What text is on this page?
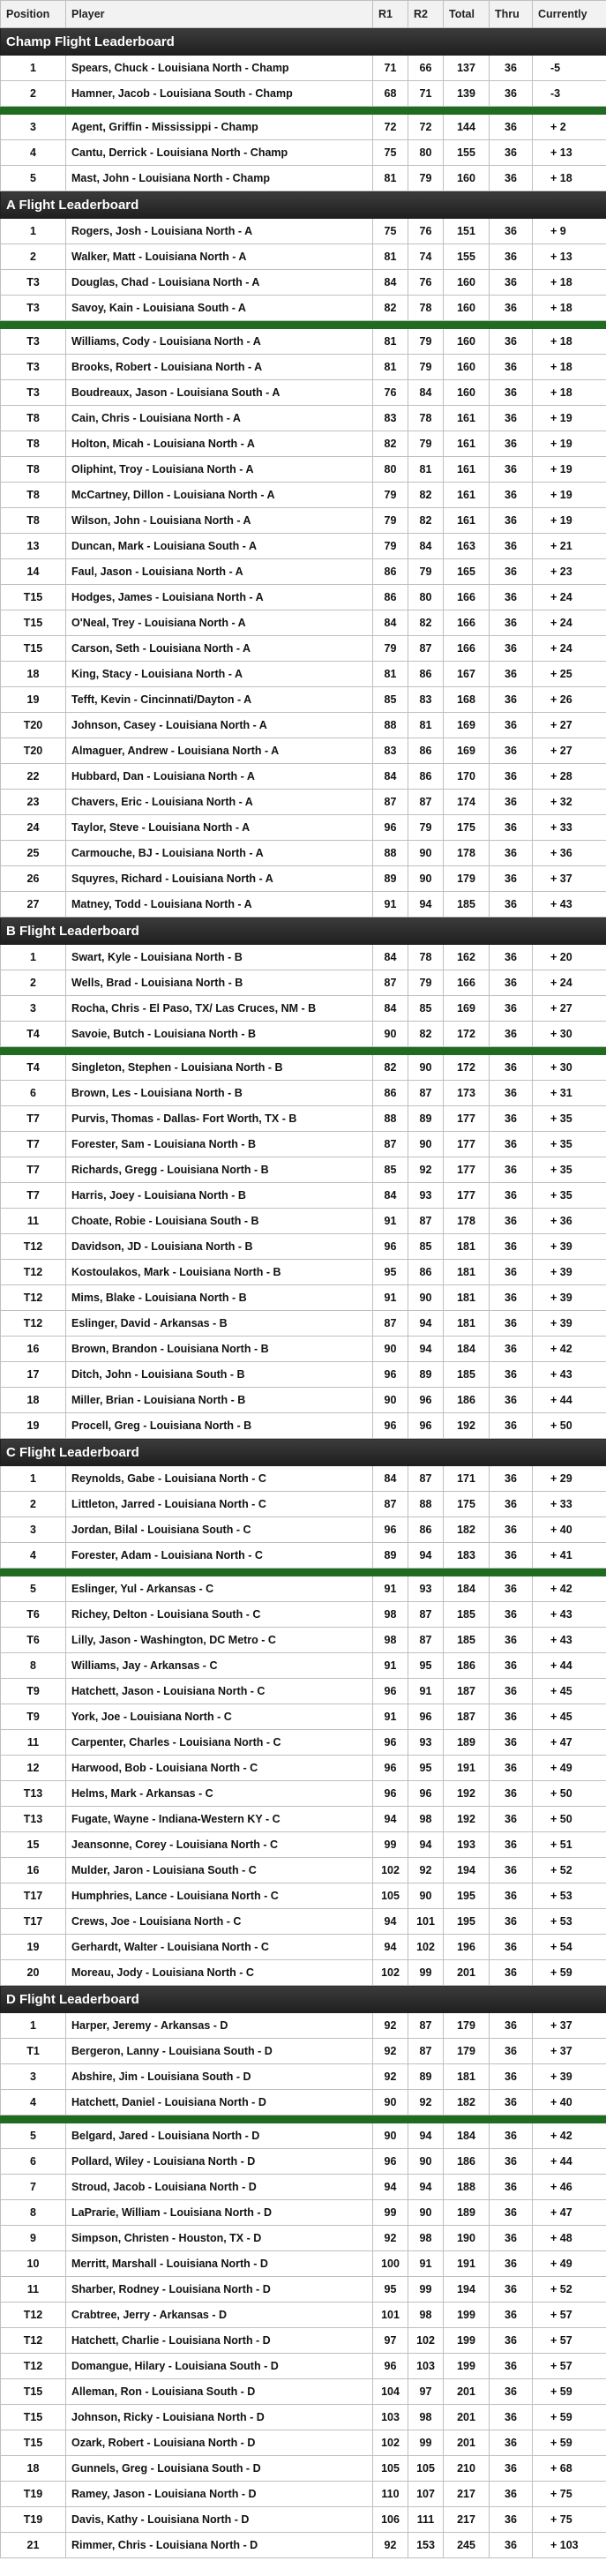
Position	Player	R1	R2	Total	Thru	Currently
Champ Flight Leaderboard						
1	Spears, Chuck - Louisiana North - Champ	71	66	137	36	-5
2	Hamner, Jacob - Louisiana South - Champ	68	71	139	36	-3

3	Agent, Griffin - Mississippi - Champ	72	72	144	36	+ 2
4	Cantu, Derrick - Louisiana North - Champ	75	80	155	36	+ 13
5	Mast, John - Louisiana North - Champ	81	79	160	36	+ 18
A Flight Leaderboard						
1	Rogers, Josh - Louisiana North - A	75	76	151	36	+ 9
2	Walker, Matt - Louisiana North - A	81	74	155	36	+ 13
T3	Douglas, Chad - Louisiana North - A	84	76	160	36	+ 18
T3	Savoy, Kain - Louisiana South - A	82	78	160	36	+ 18

T3	Williams, Cody - Louisiana North - A	81	79	160	36	+ 18
T3	Brooks, Robert - Louisiana North - A	81	79	160	36	+ 18
T3	Boudreaux, Jason - Louisiana South - A	76	84	160	36	+ 18
T8	Cain, Chris - Louisiana North - A	83	78	161	36	+ 19
T8	Holton, Micah - Louisiana North - A	82	79	161	36	+ 19
T8	Oliphint, Troy - Louisiana North - A	80	81	161	36	+ 19
T8	McCartney, Dillon - Louisiana North - A	79	82	161	36	+ 19
T8	Wilson, John - Louisiana North - A	79	82	161	36	+ 19
13	Duncan, Mark - Louisiana South - A	79	84	163	36	+ 21
14	Faul, Jason - Louisiana North - A	86	79	165	36	+ 23
T15	Hodges, James - Louisiana North - A	86	80	166	36	+ 24
T15	O'Neal, Trey - Louisiana North - A	84	82	166	36	+ 24
T15	Carson, Seth - Louisiana North - A	79	87	166	36	+ 24
18	King, Stacy - Louisiana North - A	81	86	167	36	+ 25
19	Tefft, Kevin - Cincinnati/Dayton - A	85	83	168	36	+ 26
T20	Johnson, Casey - Louisiana North - A	88	81	169	36	+ 27
T20	Almaguer, Andrew - Louisiana North - A	83	86	169	36	+ 27
22	Hubbard, Dan - Louisiana North - A	84	86	170	36	+ 28
23	Chavers, Eric - Louisiana North - A	87	87	174	36	+ 32
24	Taylor, Steve - Louisiana North - A	96	79	175	36	+ 33
25	Carmouche, BJ - Louisiana North - A	88	90	178	36	+ 36
26	Squyres, Richard - Louisiana North - A	89	90	179	36	+ 37
27	Matney, Todd - Louisiana North - A	91	94	185	36	+ 43
B Flight Leaderboard						
1	Swart, Kyle - Louisiana North - B	84	78	162	36	+ 20
2	Wells, Brad - Louisiana North - B	87	79	166	36	+ 24
3	Rocha, Chris - El Paso, TX/ Las Cruces, NM - B	84	85	169	36	+ 27
T4	Savoie, Butch - Louisiana North - B	90	82	172	36	+ 30

T4	Singleton, Stephen - Louisiana North - B	82	90	172	36	+ 30
6	Brown, Les - Louisiana North - B	86	87	173	36	+ 31
T7	Purvis, Thomas - Dallas- Fort Worth, TX - B	88	89	177	36	+ 35
T7	Forester, Sam - Louisiana North - B	87	90	177	36	+ 35
T7	Richards, Gregg - Louisiana North - B	85	92	177	36	+ 35
T7	Harris, Joey - Louisiana North - B	84	93	177	36	+ 35
11	Choate, Robie - Louisiana South - B	91	87	178	36	+ 36
T12	Davidson, JD - Louisiana North - B	96	85	181	36	+ 39
T12	Kostoulakos, Mark - Louisiana North - B	95	86	181	36	+ 39
T12	Mims, Blake - Louisiana North - B	91	90	181	36	+ 39
T12	Eslinger, David - Arkansas - B	87	94	181	36	+ 39
16	Brown, Brandon - Louisiana North - B	90	94	184	36	+ 42
17	Ditch, John - Louisiana South - B	96	89	185	36	+ 43
18	Miller, Brian - Louisiana North - B	90	96	186	36	+ 44
19	Procell, Greg - Louisiana North - B	96	96	192	36	+ 50
C Flight Leaderboard						
1	Reynolds, Gabe - Louisiana North - C	84	87	171	36	+ 29
2	Littleton, Jarred - Louisiana North - C	87	88	175	36	+ 33
3	Jordan, Bilal - Louisiana South - C	96	86	182	36	+ 40
4	Forester, Adam - Louisiana North - C	89	94	183	36	+ 41

5	Eslinger, Yul - Arkansas - C	91	93	184	36	+ 42
T6	Richey, Delton - Louisiana South - C	98	87	185	36	+ 43
T6	Lilly, Jason - Washington, DC Metro - C	98	87	185	36	+ 43
8	Williams, Jay - Arkansas - C	91	95	186	36	+ 44
T9	Hatchett, Jason - Louisiana North - C	96	91	187	36	+ 45
T9	York, Joe - Louisiana North - C	91	96	187	36	+ 45
11	Carpenter, Charles - Louisiana North - C	96	93	189	36	+ 47
12	Harwood, Bob - Louisiana North - C	96	95	191	36	+ 49
T13	Helms, Mark - Arkansas - C	96	96	192	36	+ 50
T13	Fugate, Wayne - Indiana-Western KY - C	94	98	192	36	+ 50
15	Jeansonne, Corey - Louisiana North - C	99	94	193	36	+ 51
16	Mulder, Jaron - Louisiana South - C	102	92	194	36	+ 52
T17	Humphries, Lance - Louisiana North - C	105	90	195	36	+ 53
T17	Crews, Joe - Louisiana North - C	94	101	195	36	+ 53
19	Gerhardt, Walter - Louisiana North - C	94	102	196	36	+ 54
20	Moreau, Jody - Louisiana North - C	102	99	201	36	+ 59
D Flight Leaderboard						
1	Harper, Jeremy - Arkansas - D	92	87	179	36	+ 37
T1	Bergeron, Lanny - Louisiana South - D	92	87	179	36	+ 37
3	Abshire, Jim - Louisiana South - D	92	89	181	36	+ 39
4	Hatchett, Daniel - Louisiana North - D	90	92	182	36	+ 40

5	Belgard, Jared - Louisiana North - D	90	94	184	36	+ 42
6	Pollard, Wiley - Louisiana North - D	96	90	186	36	+ 44
7	Stroud, Jacob - Louisiana North - D	94	94	188	36	+ 46
8	LaPrarie, William - Louisiana North - D	99	90	189	36	+ 47
9	Simpson, Christen - Houston, TX - D	92	98	190	36	+ 48
10	Merritt, Marshall - Louisiana North - D	100	91	191	36	+ 49
11	Sharber, Rodney - Louisiana North - D	95	99	194	36	+ 52
T12	Crabtree, Jerry - Arkansas - D	101	98	199	36	+ 57
T12	Hatchett, Charlie - Louisiana North - D	97	102	199	36	+ 57
T12	Domangue, Hilary - Louisiana South - D	96	103	199	36	+ 57
T15	Alleman, Ron - Louisiana South - D	104	97	201	36	+ 59
T15	Johnson, Ricky - Louisiana North - D	103	98	201	36	+ 59
T15	Ozark, Robert - Louisiana North - D	102	99	201	36	+ 59
18	Gunnels, Greg - Louisiana South - D	105	105	210	36	+ 68
T19	Ramey, Jason - Louisiana North - D	110	107	217	36	+ 75
T19	Davis, Kathy - Louisiana North - D	106	111	217	36	+ 75
21	Rimmer, Chris - Louisiana North - D	92	153	245	36	+ 103
